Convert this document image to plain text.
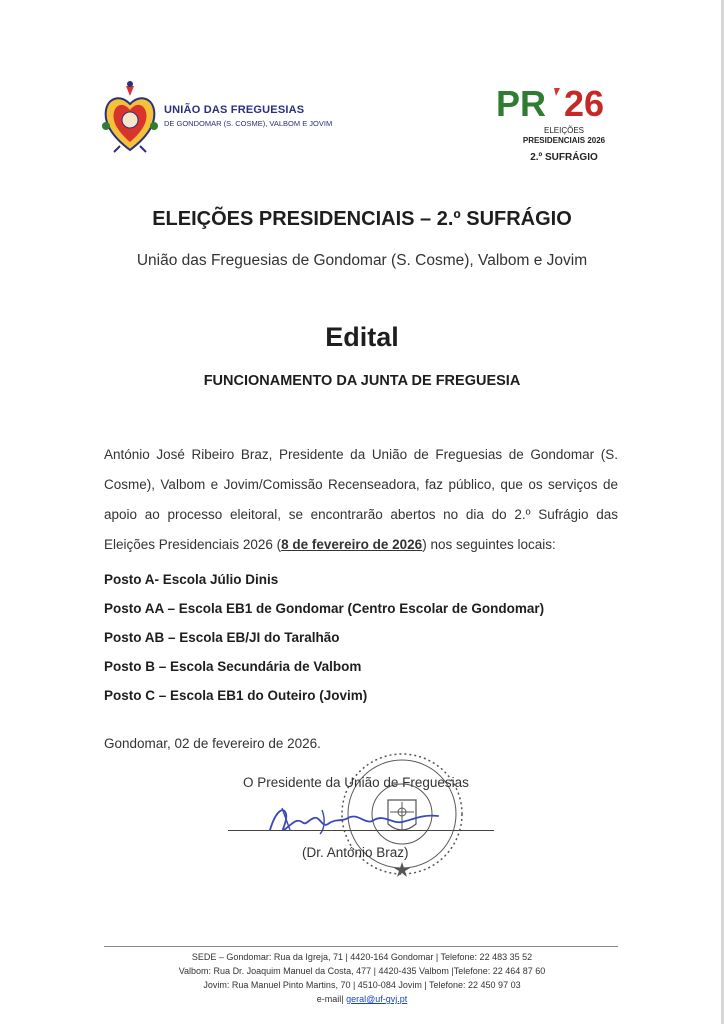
UNIÃO DAS FREGUESIAS
DE GONDOMAR (S. COSME), VALBOM E JOVIM	PR 26
ELEIÇÕES
PRESIDENCIAIS 2026
2.º SUFRÁGIO
ELEIÇÕES PRESIDENCIAIS – 2.º SUFRÁGIO
União das Freguesias de Gondomar (S. Cosme), Valbom e Jovim
Edital
FUNCIONAMENTO DA JUNTA DE FREGUESIA
António José Ribeiro Braz, Presidente da União de Freguesias de Gondomar (S. Cosme), Valbom e Jovim/Comissão Recenseadora, faz público, que os serviços de apoio ao processo eleitoral, se encontrarão abertos no dia do 2.º Sufrágio das Eleições Presidenciais 2026 (8 de fevereiro de 2026) nos seguintes locais:
Posto A- Escola Júlio Dinis
Posto AA – Escola EB1 de Gondomar (Centro Escolar de Gondomar)
Posto AB – Escola EB/JI do Taralhão
Posto B – Escola Secundária de Valbom
Posto C – Escola EB1 do Outeiro (Jovim)
Gondomar, 02 de fevereiro de 2026.
O Presidente da União de Freguesias
(Dr. António Braz)
SEDE – Gondomar: Rua da Igreja, 71 | 4420-164 Gondomar | Telefone: 22 483 35 52
Valbom: Rua Dr. Joaquim Manuel da Costa, 477 | 4420-435 Valbom |Telefone: 22 464 87 60
Jovim: Rua Manuel Pinto Martins, 70 | 4510-084 Jovim | Telefone: 22 450 97 03
e-mail| geral@uf-gvj.pt
